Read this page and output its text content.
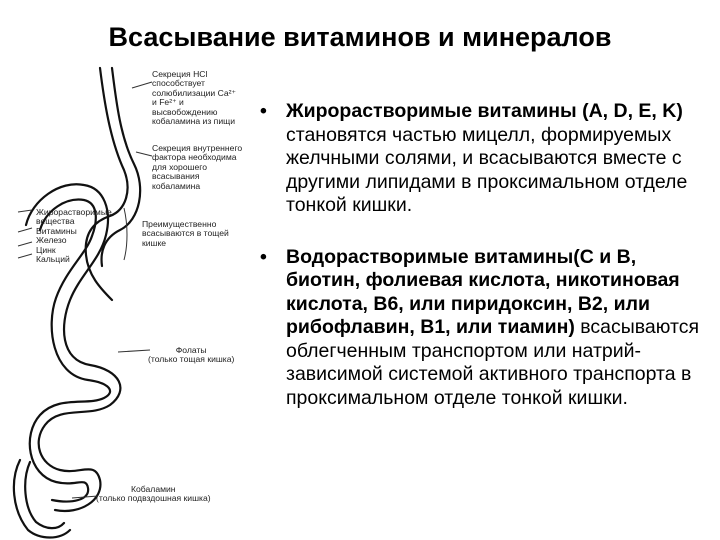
Всасывание витаминов и минералов
Секреция HCl
способствует
солюбилизации Ca²⁺
и Fe²⁺ и
высвобождению
кобаламина из пищи
Секреция внутреннего
фактора необходима
для хорошего
всасывания
кобаламина
Жирорастворимые
вещества
Витамины
Железо
Цинк
Кальций
Преимущественно
всасываются в тощей
кишке
Фолаты
(только тощая кишка)
Кобаламин
(только подвздошная кишка)
• Жирорастворимые витамины (A, D, E, K) становятся частью мицелл, формируемых желчными солями, и всасываются вместе с другими липидами в проксимальном отделе тонкой кишки.
• Водорастворимые витамины(C и B, биотин, фолиевая кислота, никотиновая кислота, B6, или пиридоксин, B2, или рибофлавин, B1, или тиамин) всасываются облегченным транспортом или натрий-зависимой системой активного транспорта в проксимальном отделе тонкой кишки.
